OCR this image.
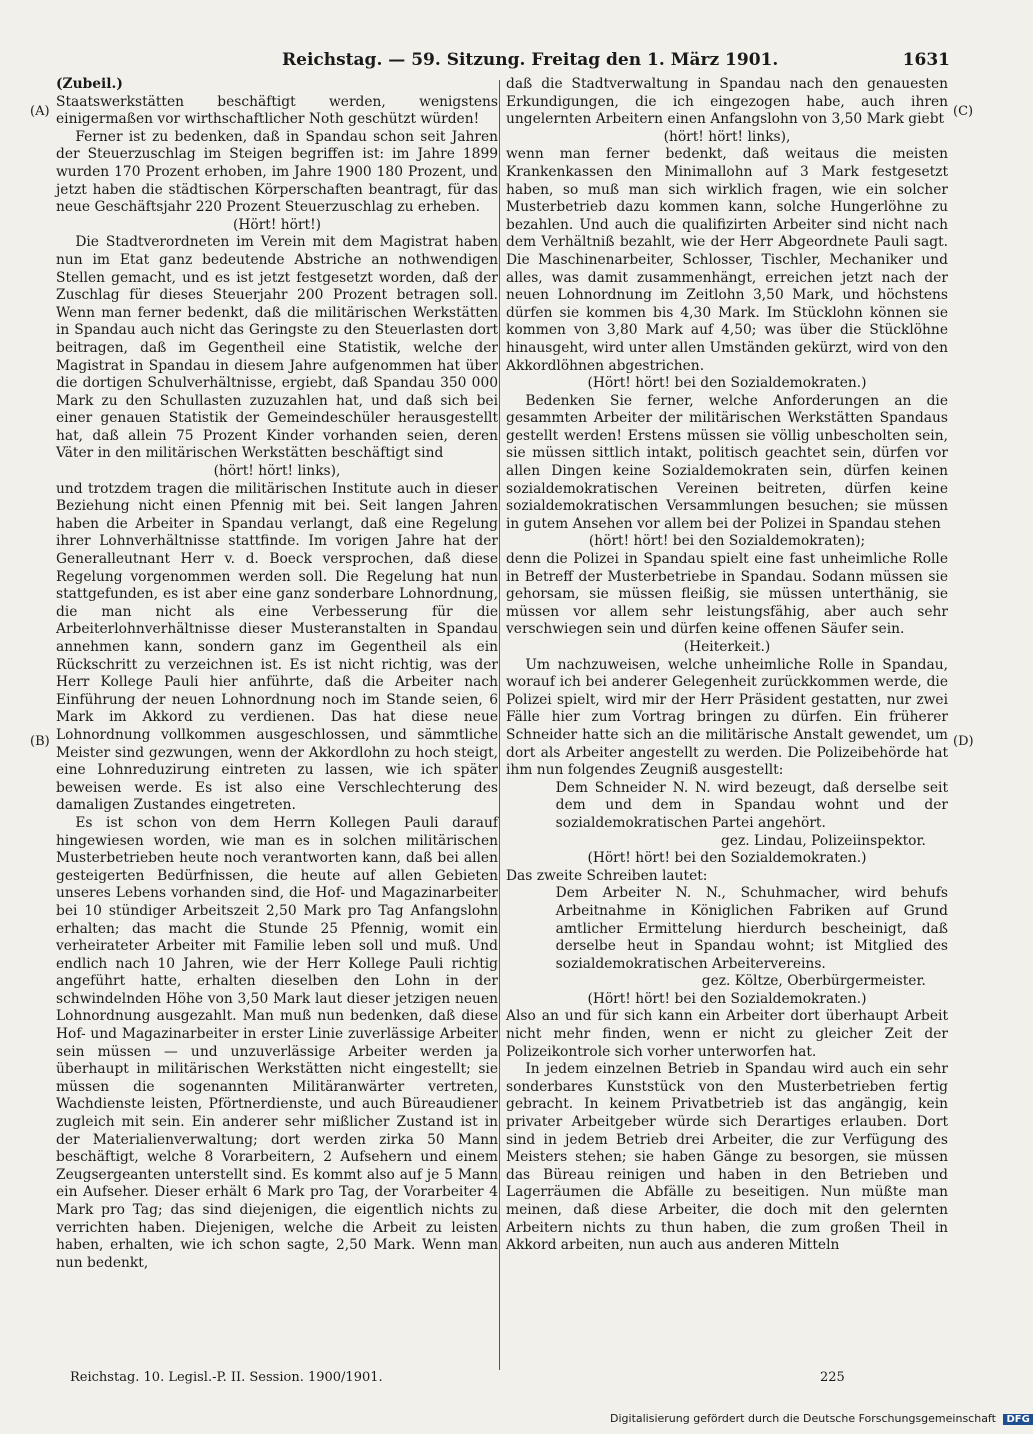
Reichstag. — 59. Sitzung. Freitag den 1. März 1901.	1631
(A)
(B)
(C)
(D)

(Zubeil.)

Staatswerkstätten beschäftigt werden, wenigstens einigermaßen vor wirthschaftlicher Noth geschützt würden!

Ferner ist zu bedenken, daß in Spandau schon seit Jahren der Steuerzuschlag im Steigen begriffen ist: im Jahre 1899 wurden 170 Prozent erhoben, im Jahre 1900 180 Prozent, und jetzt haben die städtischen Körperschaften beantragt, für das neue Geschäftsjahr 220 Prozent Steuerzuschlag zu erheben.

(Hört! hört!)

Die Stadtverordneten im Verein mit dem Magistrat haben nun im Etat ganz bedeutende Abstriche an nothwendigen Stellen gemacht, und es ist jetzt festgesetzt worden, daß der Zuschlag für dieses Steuerjahr 200 Prozent betragen soll. Wenn man ferner bedenkt, daß die militärischen Werkstätten in Spandau auch nicht das Geringste zu den Steuerlasten dort beitragen, daß im Gegentheil eine Statistik, welche der Magistrat in Spandau in diesem Jahre aufgenommen hat über die dortigen Schulverhältnisse, ergiebt, daß Spandau 350 000 Mark zu den Schullasten zuzuzahlen hat, und daß sich bei einer genauen Statistik der Gemeindeschüler herausgestellt hat, daß allein 75 Prozent Kinder vorhanden seien, deren Väter in den militärischen Werkstätten beschäftigt sind

(hört! hört! links),

und trotzdem tragen die militärischen Institute auch in dieser Beziehung nicht einen Pfennig mit bei. Seit langen Jahren haben die Arbeiter in Spandau verlangt, daß eine Regelung ihrer Lohnverhältnisse stattfinde. Im vorigen Jahre hat der Generalleutnant Herr v. d. Boeck versprochen, daß diese Regelung vorgenommen werden soll. Die Regelung hat nun stattgefunden, es ist aber eine ganz sonderbare Lohnordnung, die man nicht als eine Verbesserung für die Arbeiterlohnverhältnisse dieser Musteranstalten in Spandau annehmen kann, sondern ganz im Gegentheil als ein Rückschritt zu verzeichnen ist. Es ist nicht richtig, was der Herr Kollege Pauli hier anführte, daß die Arbeiter nach Einführung der neuen Lohnordnung noch im Stande seien, 6 Mark im Akkord zu verdienen. Das hat diese neue Lohnordnung vollkommen ausgeschlossen, und sämmtliche Meister sind gezwungen, wenn der Akkordlohn zu hoch steigt, eine Lohnreduzirung eintreten zu lassen, wie ich später beweisen werde. Es ist also eine Verschlechterung des damaligen Zustandes eingetreten.

Es ist schon von dem Herrn Kollegen Pauli darauf hingewiesen worden, wie man es in solchen militärischen Musterbetrieben heute noch verantworten kann, daß bei allen gesteigerten Bedürfnissen, die heute auf allen Gebieten unseres Lebens vorhanden sind, die Hof- und Magazinarbeiter bei 10 stündiger Arbeitszeit 2,50 Mark pro Tag Anfangslohn erhalten; das macht die Stunde 25 Pfennig, womit ein verheirateter Arbeiter mit Familie leben soll und muß. Und endlich nach 10 Jahren, wie der Herr Kollege Pauli richtig angeführt hatte, erhalten dieselben den Lohn in der schwindelnden Höhe von 3,50 Mark laut dieser jetzigen neuen Lohnordnung ausgezahlt. Man muß nun bedenken, daß diese Hof- und Magazinarbeiter in erster Linie zuverlässige Arbeiter sein müssen — und unzuverlässige Arbeiter werden ja überhaupt in militärischen Werkstätten nicht eingestellt; sie müssen die sogenannten Militäranwärter vertreten, Wachdienste leisten, Pförtnerdienste, und auch Büreaudiener zugleich mit sein. Ein anderer sehr mißlicher Zustand ist in der Materialienverwaltung; dort werden zirka 50 Mann beschäftigt, welche 8 Vorarbeitern, 2 Aufsehern und einem Zeugsergeanten unterstellt sind. Es kommt also auf je 5 Mann ein Aufseher. Dieser erhält 6 Mark pro Tag, der Vorarbeiter 4 Mark pro Tag; das sind diejenigen, die eigentlich nichts zu verrichten haben. Diejenigen, welche die Arbeit zu leisten haben, erhalten, wie ich schon sagte, 2,50 Mark. Wenn man nun bedenkt,

daß die Stadtverwaltung in Spandau nach den genauesten Erkundigungen, die ich eingezogen habe, auch ihren ungelernten Arbeitern einen Anfangslohn von 3,50 Mark giebt

(hört! hört! links),

wenn man ferner bedenkt, daß weitaus die meisten Krankenkassen den Minimallohn auf 3 Mark festgesetzt haben, so muß man sich wirklich fragen, wie ein solcher Musterbetrieb dazu kommen kann, solche Hungerlöhne zu bezahlen. Und auch die qualifizirten Arbeiter sind nicht nach dem Verhältniß bezahlt, wie der Herr Abgeordnete Pauli sagt. Die Maschinenarbeiter, Schlosser, Tischler, Mechaniker und alles, was damit zusammenhängt, erreichen jetzt nach der neuen Lohnordnung im Zeitlohn 3,50 Mark, und höchstens dürfen sie kommen bis 4,30 Mark. Im Stücklohn können sie kommen von 3,80 Mark auf 4,50; was über die Stücklöhne hinausgeht, wird unter allen Umständen gekürzt, wird von den Akkordlöhnen abgestrichen.

(Hört! hört! bei den Sozialdemokraten.)

Bedenken Sie ferner, welche Anforderungen an die gesammten Arbeiter der militärischen Werkstätten Spandaus gestellt werden! Erstens müssen sie völlig unbescholten sein, sie müssen sittlich intakt, politisch geachtet sein, dürfen vor allen Dingen keine Sozialdemokraten sein, dürfen keinen sozialdemokratischen Vereinen beitreten, dürfen keine sozialdemokratischen Versammlungen besuchen; sie müssen in gutem Ansehen vor allem bei der Polizei in Spandau stehen

(hört! hört! bei den Sozialdemokraten);

denn die Polizei in Spandau spielt eine fast unheimliche Rolle in Betreff der Musterbetriebe in Spandau. Sodann müssen sie gehorsam, sie müssen fleißig, sie müssen unterthänig, sie müssen vor allem sehr leistungsfähig, aber auch sehr verschwiegen sein und dürfen keine offenen Säufer sein.

(Heiterkeit.)

Um nachzuweisen, welche unheimliche Rolle in Spandau, worauf ich bei anderer Gelegenheit zurückkommen werde, die Polizei spielt, wird mir der Herr Präsident gestatten, nur zwei Fälle hier zum Vortrag bringen zu dürfen. Ein früherer Schneider hatte sich an die militärische Anstalt gewendet, um dort als Arbeiter angestellt zu werden. Die Polizeibehörde hat ihm nun folgendes Zeugniß ausgestellt:

Dem Schneider N. N. wird bezeugt, daß derselbe seit dem und dem in Spandau wohnt und der sozialdemokratischen Partei angehört.

gez. Lindau, Polizeiinspektor.

(Hört! hört! bei den Sozialdemokraten.)

Das zweite Schreiben lautet:

Dem Arbeiter N. N., Schuhmacher, wird behufs Arbeitnahme in Königlichen Fabriken auf Grund amtlicher Ermittelung hierdurch bescheinigt, daß derselbe heut in Spandau wohnt; ist Mitglied des sozialdemokratischen Arbeitervereins.

gez. Költze, Oberbürgermeister.

(Hört! hört! bei den Sozialdemokraten.)

Also an und für sich kann ein Arbeiter dort überhaupt Arbeit nicht mehr finden, wenn er nicht zu gleicher Zeit der Polizeikontrole sich vorher unterworfen hat.

In jedem einzelnen Betrieb in Spandau wird auch ein sehr sonderbares Kunststück von den Musterbetrieben fertig gebracht. In keinem Privatbetrieb ist das angängig, kein privater Arbeitgeber würde sich Derartiges erlauben. Dort sind in jedem Betrieb drei Arbeiter, die zur Verfügung des Meisters stehen; sie haben Gänge zu besorgen, sie müssen das Büreau reinigen und haben in den Betrieben und Lagerräumen die Abfälle zu beseitigen. Nun müßte man meinen, daß diese Arbeiter, die doch mit den gelernten Arbeitern nichts zu thun haben, die zum großen Theil in Akkord arbeiten, nun auch aus anderen Mitteln

Reichstag. 10. Legisl.-P. II. Session. 1900/1901.	225
Digitalisierung gefördert durch die Deutsche Forschungsgemeinschaft DFG
